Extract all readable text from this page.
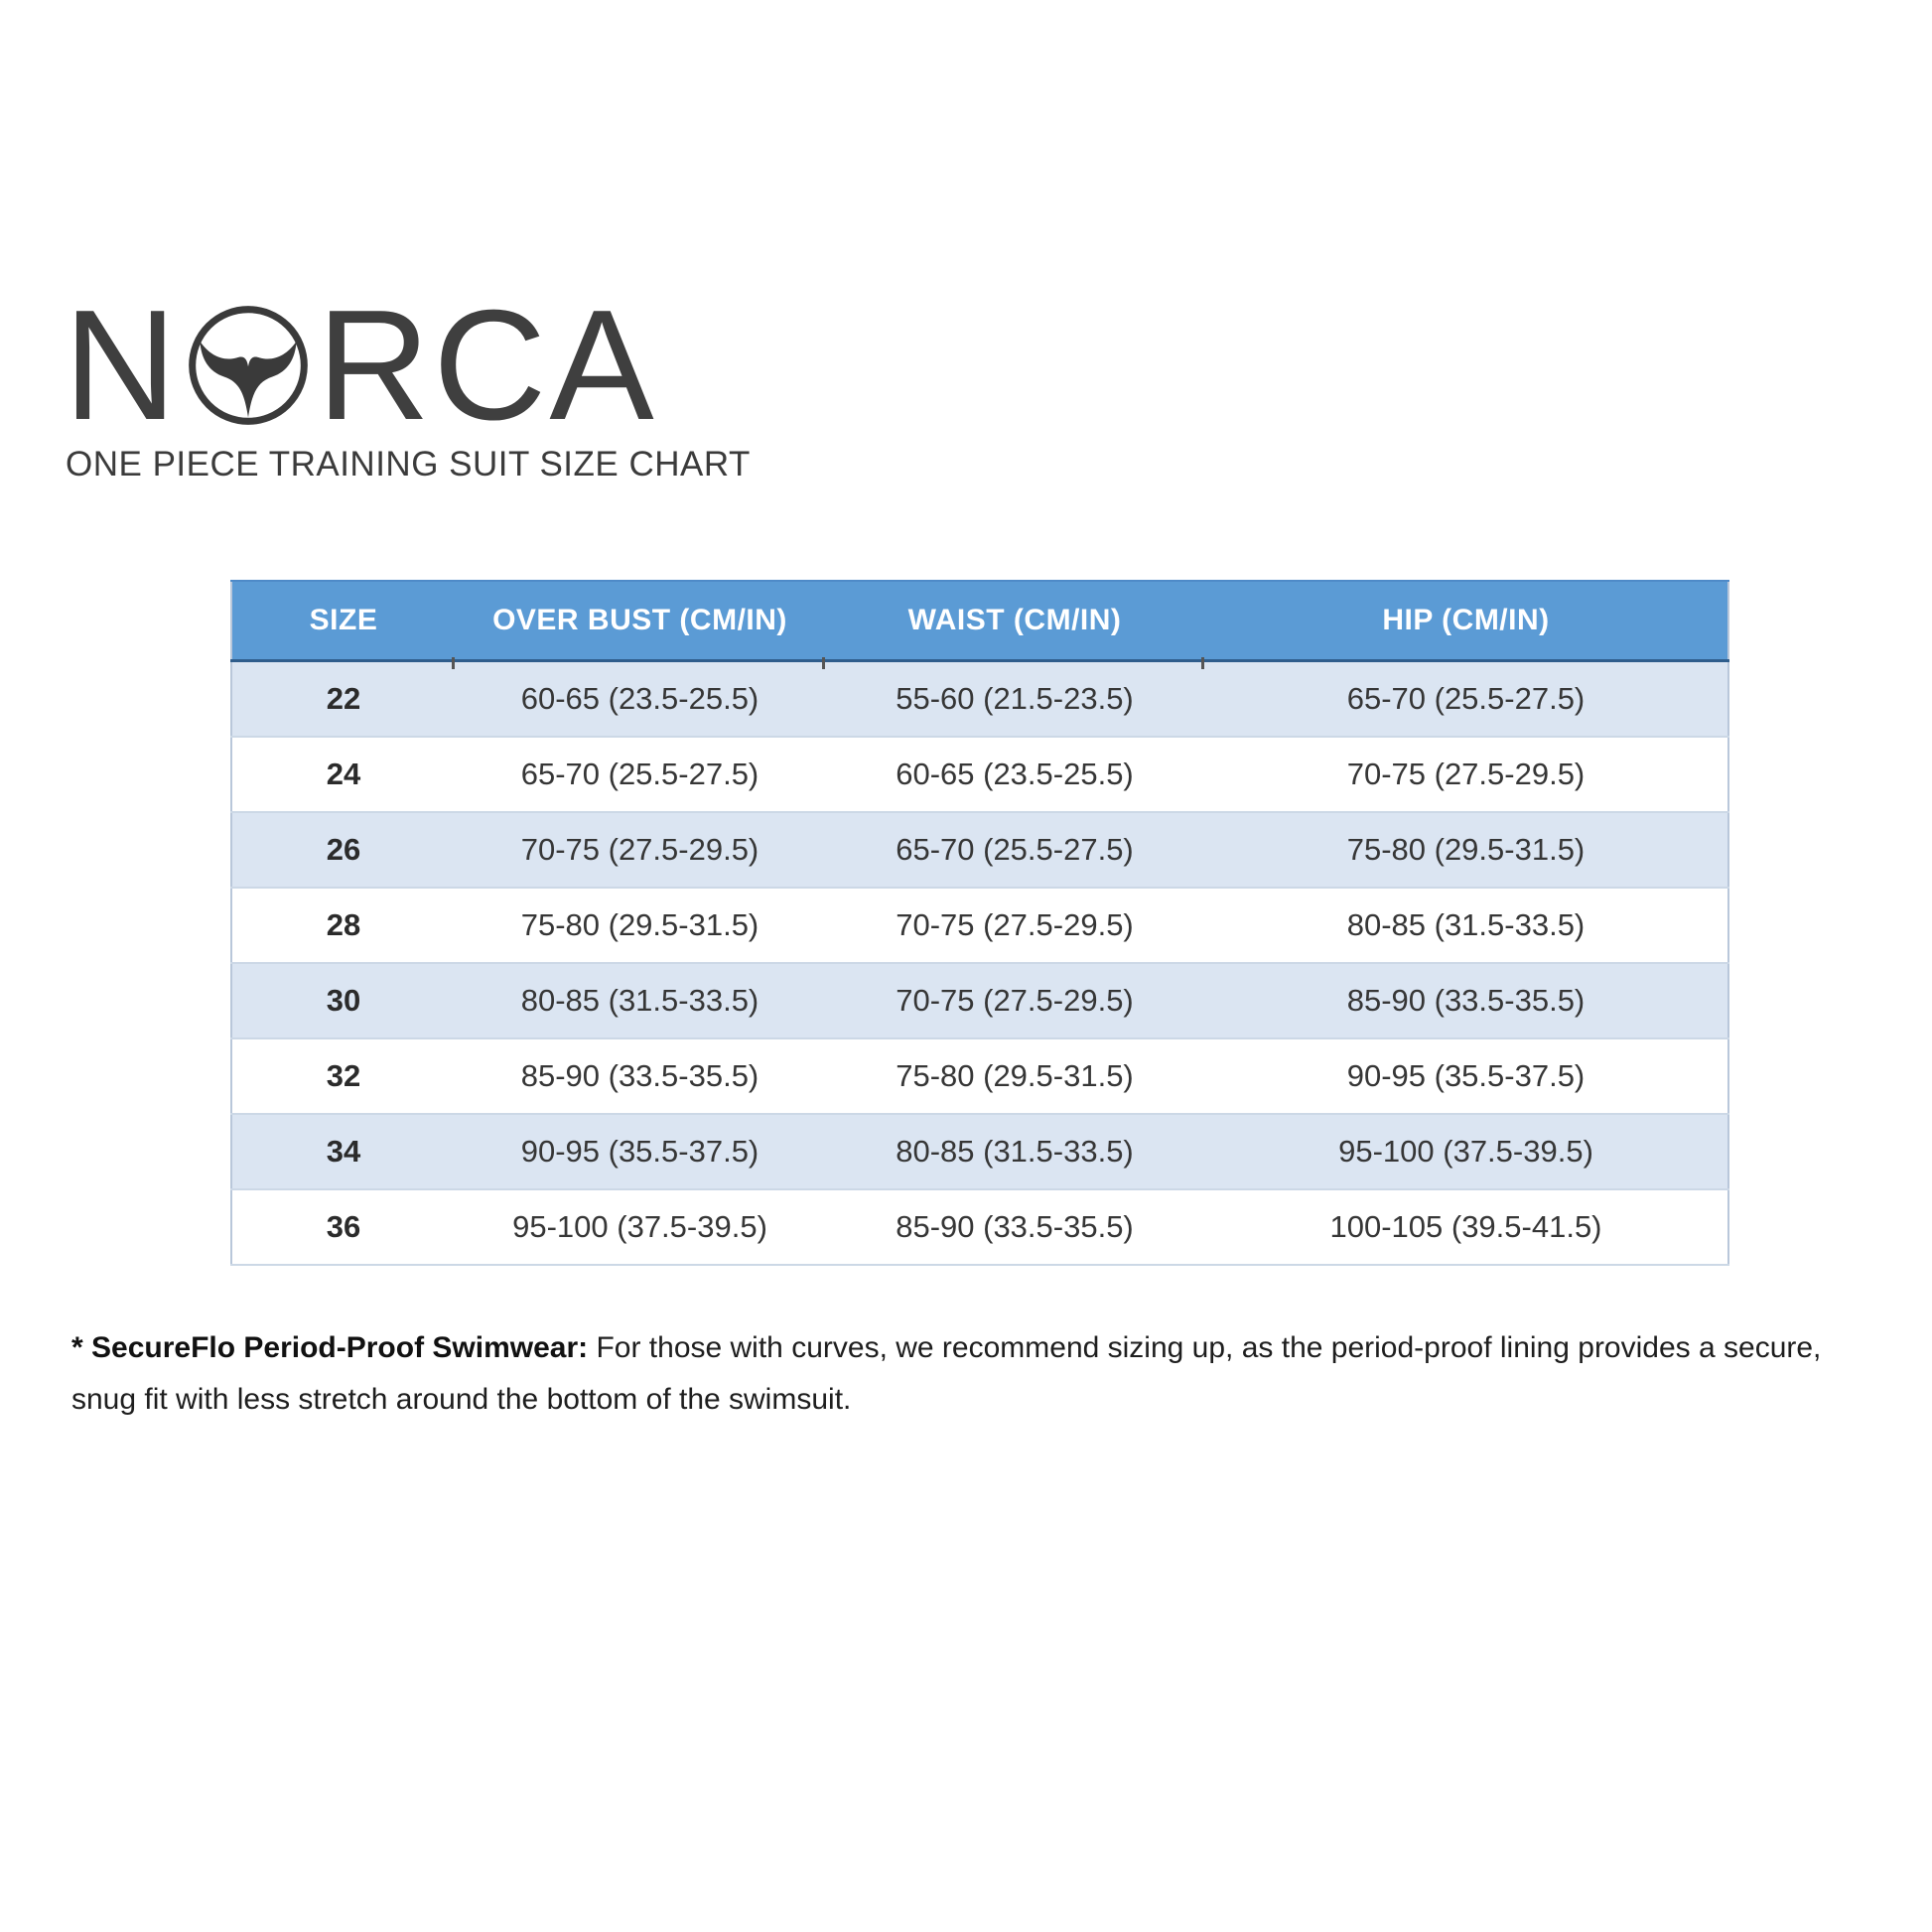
N RCA
ONE PIECE TRAINING SUIT SIZE CHART
SIZE	OVER BUST (CM/IN)	WAIST (CM/IN)	HIP (CM/IN)
22	60-65 (23.5-25.5)	55-60 (21.5-23.5)	65-70 (25.5-27.5)
24	65-70 (25.5-27.5)	60-65 (23.5-25.5)	70-75 (27.5-29.5)
26	70-75 (27.5-29.5)	65-70 (25.5-27.5)	75-80 (29.5-31.5)
28	75-80 (29.5-31.5)	70-75 (27.5-29.5)	80-85 (31.5-33.5)
30	80-85 (31.5-33.5)	70-75 (27.5-29.5)	85-90 (33.5-35.5)
32	85-90 (33.5-35.5)	75-80 (29.5-31.5)	90-95 (35.5-37.5)
34	90-95 (35.5-37.5)	80-85 (31.5-33.5)	95-100 (37.5-39.5)
36	95-100 (37.5-39.5)	85-90 (33.5-35.5)	100-105 (39.5-41.5)
* SecureFlo Period-Proof Swimwear: For those with curves, we recommend sizing up, as the period-proof lining provides a secure, snug fit with less stretch around the bottom of the swimsuit.
